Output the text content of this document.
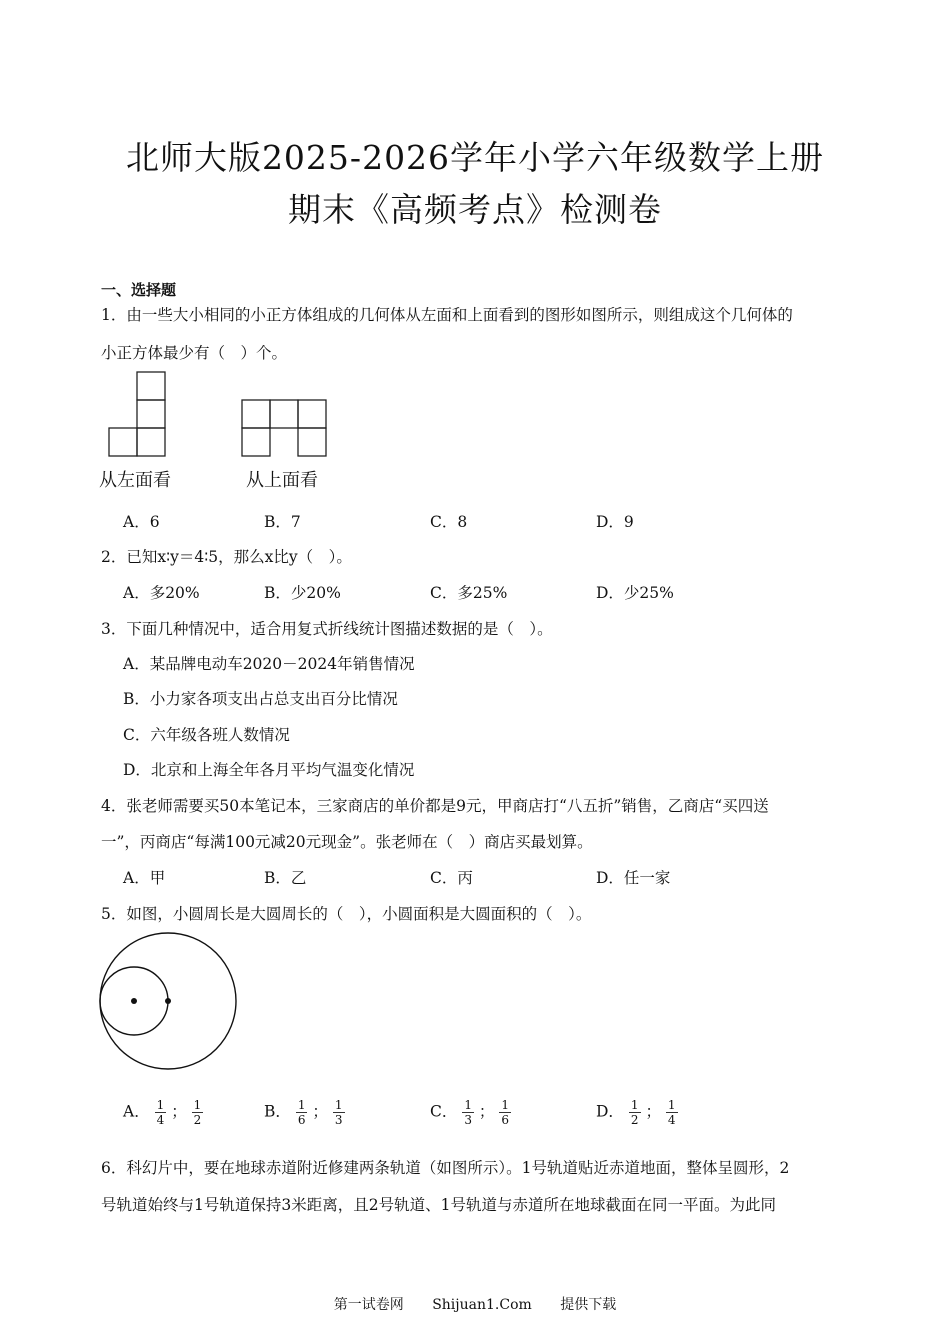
北师大版2025-2026学年小学六年级数学上册
期末《高频考点》检测卷
一、选择题
1．由一些大小相同的小正方体组成的几何体从左面和上面看到的图形如图所示，则组成这个几何体的
小正方体最少有（　）个。
从左面看	从上面看
A．6	B．7	C．8	D．9
2．已知x∶y＝4∶5，那么x比y（　）。
A．多20%	B．少20%	C．多25%	D．少25%
3．下面几种情况中，适合用复式折线统计图描述数据的是（　）。
A．某品牌电动车2020－2024年销售情况
B．小力家各项支出占总支出百分比情况
C．六年级各班人数情况
D．北京和上海全年各月平均气温变化情况
4．张老师需要买50本笔记本，三家商店的单价都是9元，甲商店打“八五折”销售，乙商店“买四送
一”，丙商店“每满100元减20元现金”。张老师在（　）商店买最划算。
A．甲	B．乙	C．丙	D．任一家
5．如图，小圆周长是大圆周长的（　），小圆面积是大圆面积的（　）。
A． $\frac{1}{4}$ ； $\frac{1}{2}$	B． $\frac{1}{6}$ ； $\frac{1}{3}$	C． $\frac{1}{3}$ ； $\frac{1}{6}$	D． $\frac{1}{2}$ ； $\frac{1}{4}$
6．科幻片中，要在地球赤道附近修建两条轨道（如图所示）。1号轨道贴近赤道地面，整体呈圆形，2
号轨道始终与1号轨道保持3米距离，且2号轨道、1号轨道与赤道所在地球截面在同一平面。为此同
第一试卷网 Shijuan1.Com 提供下载
